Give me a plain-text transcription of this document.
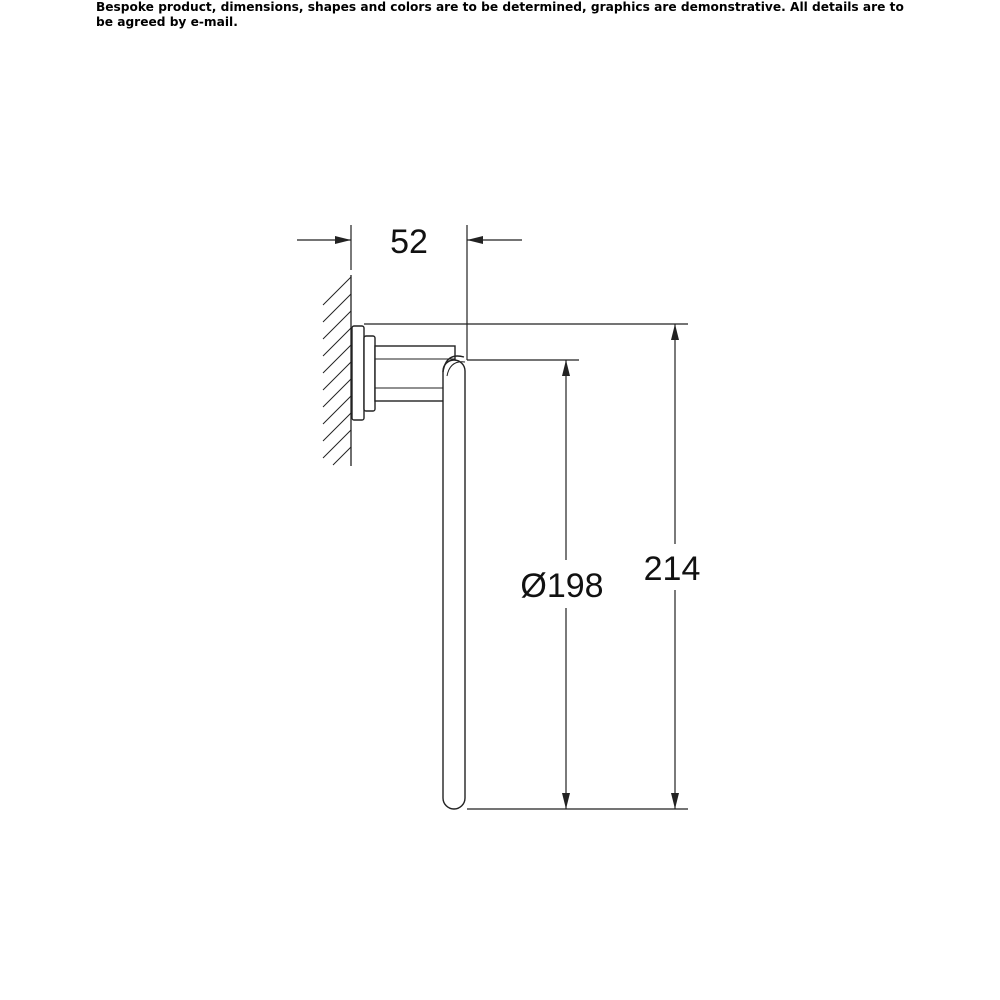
Bespoke product, dimensions, shapes and colors are to be determined, graphics are demonstrative. All details are to be agreed by e-mail.

52
Ø198 214
